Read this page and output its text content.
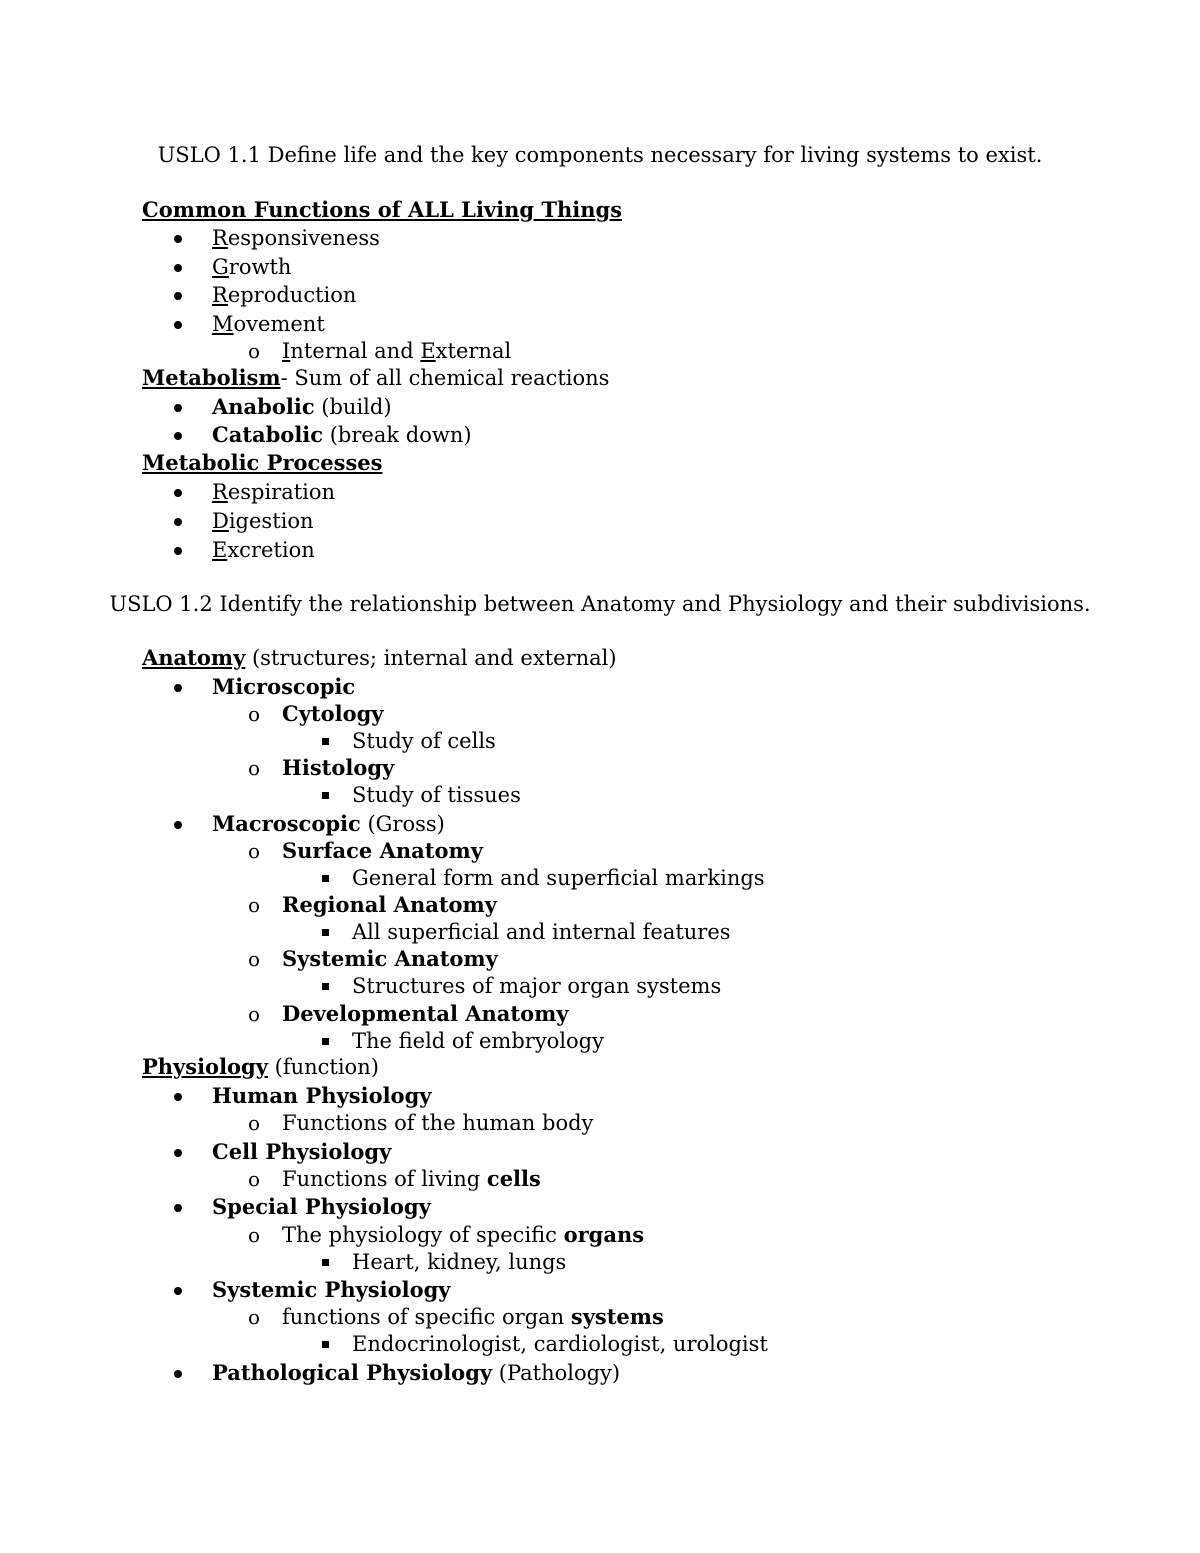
USLO 1.1 Define life and the key components necessary for living systems to exist.
Common Functions of ALL Living Things
Responsiveness
Growth
Reproduction
Movement
o Internal and External
Metabolism- Sum of all chemical reactions
Anabolic (build)
Catabolic (break down)
Metabolic Processes
Respiration
Digestion
Excretion
USLO 1.2 Identify the relationship between Anatomy and Physiology and their subdivisions.
Anatomy (structures; internal and external)
Microscopic
o Cytology
Study of cells
o Histology
Study of tissues
Macroscopic (Gross)
o Surface Anatomy
General form and superficial markings
o Regional Anatomy
All superficial and internal features
o Systemic Anatomy
Structures of major organ systems
o Developmental Anatomy
The field of embryology
Physiology (function)
Human Physiology
o Functions of the human body
Cell Physiology
o Functions of living cells
Special Physiology
o The physiology of specific organs
Heart, kidney, lungs
Systemic Physiology
o functions of specific organ systems
Endocrinologist, cardiologist, urologist
Pathological Physiology (Pathology)
